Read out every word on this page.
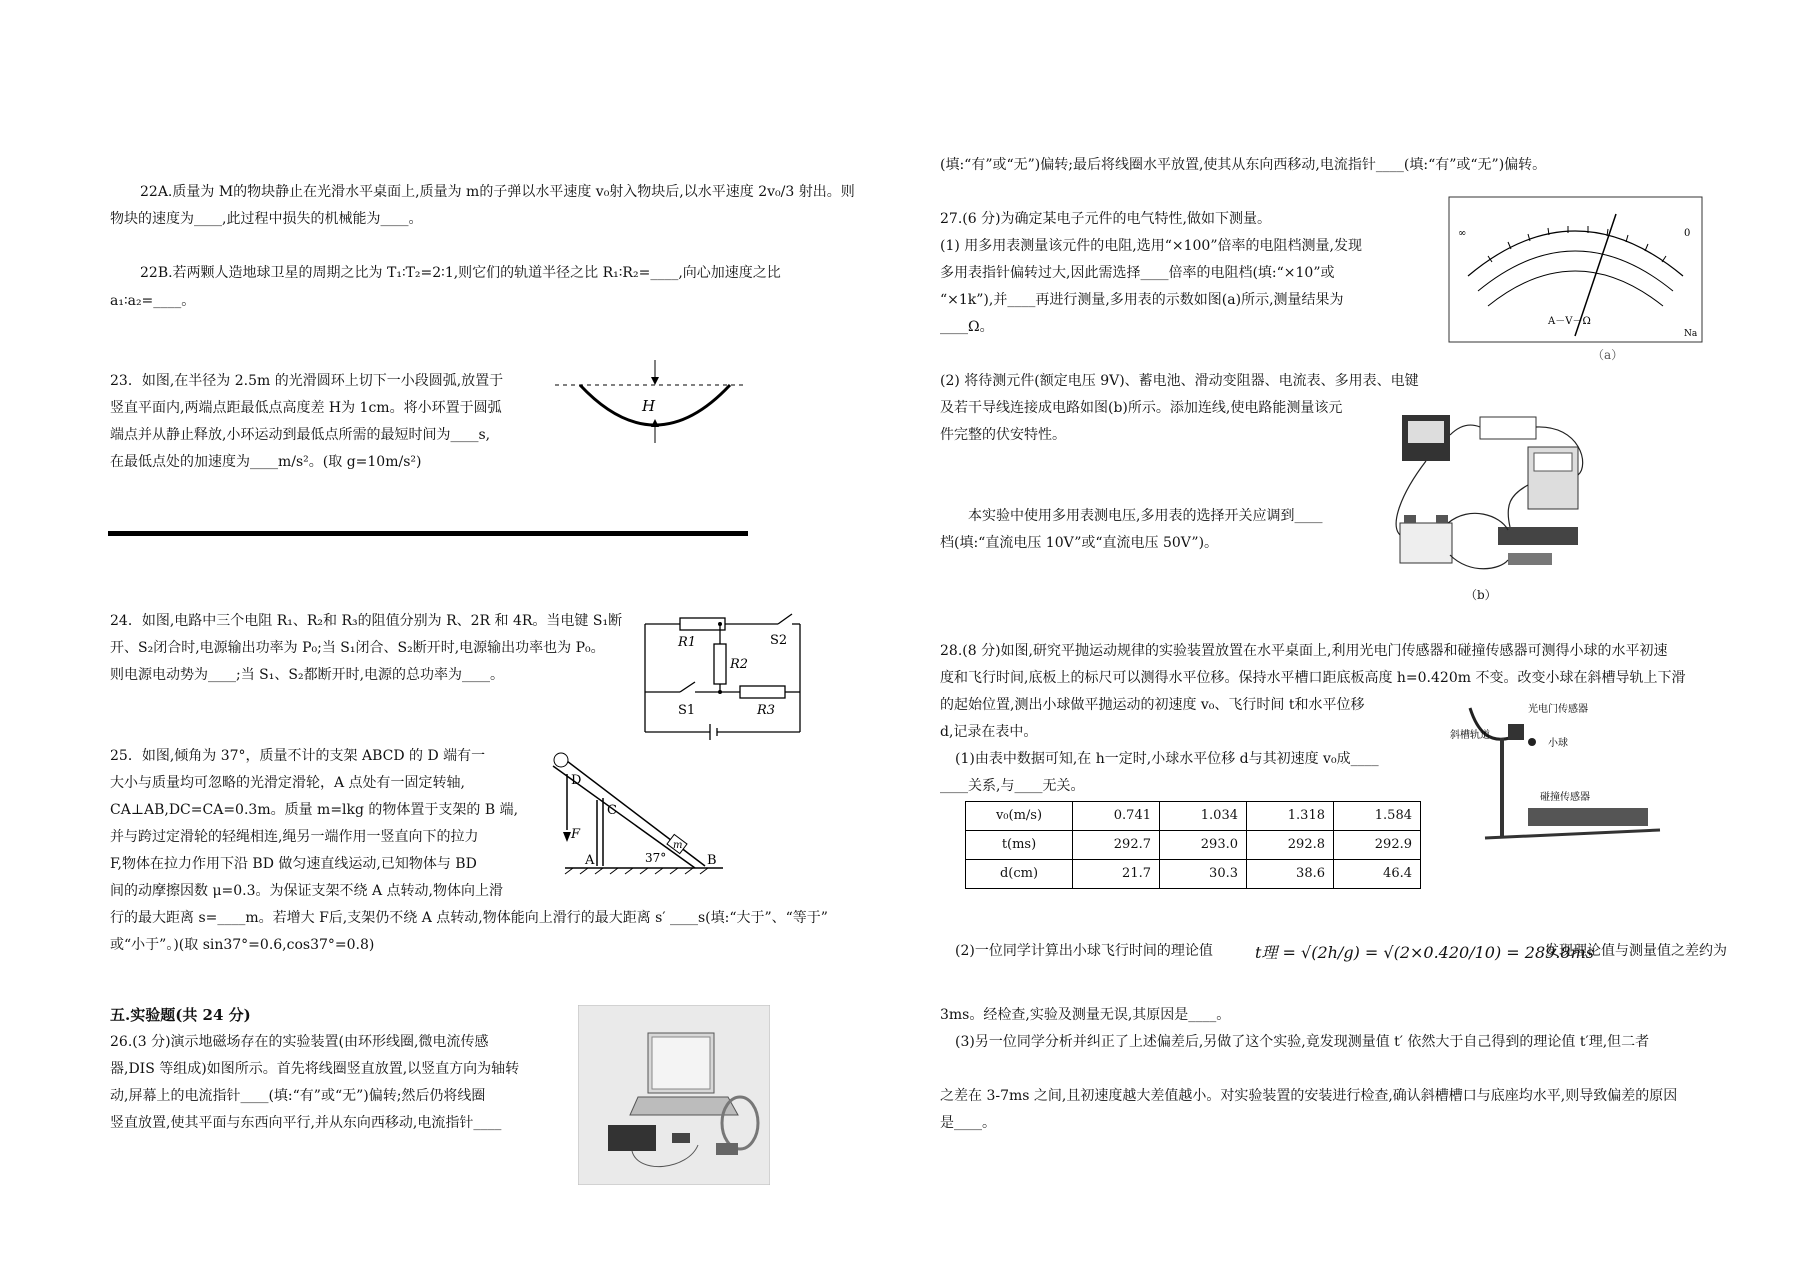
22A.质量为 M的物块静止在光滑水平桌面上,质量为 m的子弹以水平速度 v₀射入物块后,以水平速度 2v₀/3 射出。则
物块的速度为____,此过程中损失的机械能为____。
22B.若两颗人造地球卫星的周期之比为 T₁∶T₂=2∶1,则它们的轨道半径之比 R₁∶R₂=____,向心加速度之比
a₁∶a₂=____。
23．如图,在半径为 2.5m 的光滑圆环上切下一小段圆弧,放置于
竖直平面内,两端点距最低点高度差 H为 1cm。将小环置于圆弧
端点并从静止释放,小环运动到最低点所需的最短时间为____s,
在最低点处的加速度为____m/s²。(取 g=10m/s²)
H
24．如图,电路中三个电阻 R₁、R₂和 R₃的阻值分别为 R、2R 和 4R。当电键 S₁断
开、S₂闭合时,电源输出功率为 P₀;当 S₁闭合、S₂断开时,电源输出功率也为 P₀。
则电源电动势为____;当 S₁、S₂都断开时,电源的总功率为____。
R1
R2
R3
S1
S2
25．如图,倾角为 37°，质量不计的支架 ABCD 的 D 端有一
大小与质量均可忽略的光滑定滑轮，A 点处有一固定转轴,
CA⊥AB,DC=CA=0.3m。质量 m=lkg 的物体置于支架的 B 端,
并与跨过定滑轮的轻绳相连,绳另一端作用一竖直向下的拉力
F,物体在拉力作用下沿 BD 做匀速直线运动,已知物体与 BD
间的动摩擦因数 μ=0.3。为保证支架不绕 A 点转动,物体向上滑
行的最大距离 s=____m。若增大 F后,支架仍不绕 A 点转动,物体能向上滑行的最大距离 s′ ____s(填:“大于”、“等于”
或“小于”。)(取 sin37°=0.6,cos37°=0.8)
D
C
A	B
F
37°
m
五.实验题(共 24 分)
26.(3 分)演示地磁场存在的实验装置(由环形线圈,微电流传感
器,DIS 等组成)如图所示。首先将线圈竖直放置,以竖直方向为轴转
动,屏幕上的电流指针____(填:“有”或“无”)偏转;然后仍将线圈
竖直放置,使其平面与东西向平行,并从东向西移动,电流指针____
(填:“有”或“无”)偏转;最后将线圈水平放置,使其从东向西移动,电流指针____(填:“有”或“无”)偏转。
27.(6 分)为确定某电子元件的电气特性,做如下测量。
(1) 用多用表测量该元件的电阻,选用“×100”倍率的电阻档测量,发现
多用表指针偏转过大,因此需选择____倍率的电阻档(填:“×10”或
“×1k”),并____再进行测量,多用表的示数如图(a)所示,测量结果为
____Ω。
∞	0
A－V－Ω
Na
（a）
(2) 将待测元件(额定电压 9V)、蓄电池、滑动变阻器、电流表、多用表、电键
及若干导线连接成电路如图(b)所示。添加连线,使电路能测量该元
件完整的伏安特性。
本实验中使用多用表测电压,多用表的选择开关应调到____
档(填:“直流电压 10V”或“直流电压 50V”)。
（b）
28.(8 分)如图,研究平抛运动规律的实验装置放置在水平桌面上,利用光电门传感器和碰撞传感器可测得小球的水平初速
度和飞行时间,底板上的标尺可以测得水平位移。保持水平槽口距底板高度 h=0.420m 不变。改变小球在斜槽导轨上下滑
的起始位置,测出小球做平抛运动的初速度 v₀、飞行时间 t和水平位移
d,记录在表中。
(1)由表中数据可知,在 h一定时,小球水平位移 d与其初速度 v₀成____
____关系,与____无关。
光电门传感器
斜槽轨道
小球
碰撞传感器
v₀(m/s)	0.741	1.034	1.318	1.584
t(ms)	292.7	293.0	292.8	292.9
d(cm)	21.7	30.3	38.6	46.4
(2)一位同学计算出小球飞行时间的理论值	t理 = √(2h/g) = √(2×0.420/10) = 289.8ms
发现理论值与测量值之差约为
3ms。经检查,实验及测量无误,其原因是____。
(3)另一位同学分析并纠正了上述偏差后,另做了这个实验,竟发现测量值 t′ 依然大于自己得到的理论值 t′理,但二者
之差在 3-7ms 之间,且初速度越大差值越小。对实验装置的安装进行检查,确认斜槽槽口与底座均水平,则导致偏差的原因
是____。
